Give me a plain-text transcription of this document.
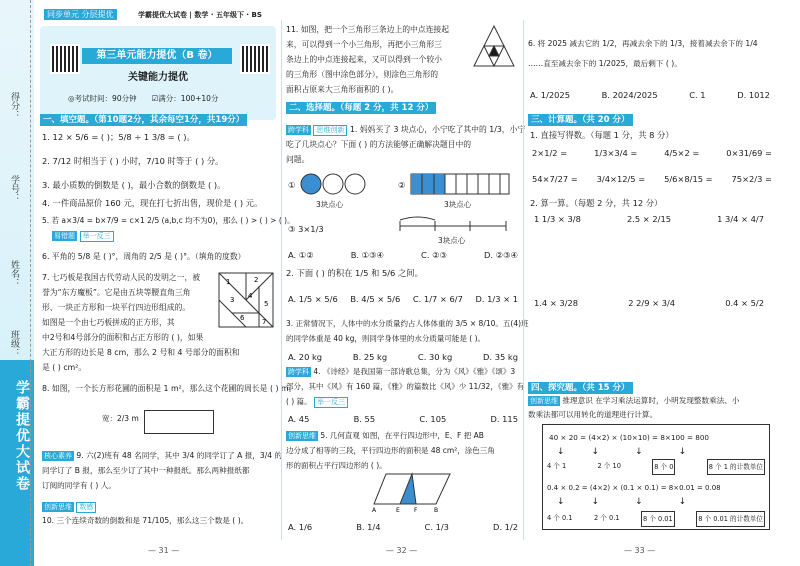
得分：
学号：
姓名：
班级：
学霸提优大试卷
同步单元 分层提优	学霸提优大试卷 | 数学 · 五年级下 · BS
第三单元能力提优（B 卷）
关键能力提优
◎考试时间：90分钟　　☑满分：100+10分
一、填空题。（第10题2分，其余每空1分，共19分）
1. 12 × 5/6 = ( )；5/8 ÷ 1 3/8 = ( )。
2. 7/12 时相当于 ( ) 小时，7/10 时等于 ( ) 分。
3. 最小质数的倒数是 ( )，最小合数的倒数是 ( )。
4. 一件商品原价 160 元，现在打七折出售，现价是 ( ) 元。
5. 若 a×3/4 = b×7/9 = c×1 2/5 (a,b,c 均不为0)，那么 ( ) > ( ) > ( )。
易错题 举一反三
6. 平角的 5/8 是 ( )°，周角的 2/5 是 ( )°。（填角的度数）
7. 七巧板是我国古代劳动人民的发明之一，被
誉为“东方魔板”。它是由五块等腰直角三角
形、一块正方形和一块平行四边形组成的。
如图是一个由七巧板拼成的正方形，其
中2号和4号部分的面积和占正方形的 ( )，如果
大正方形的边长是 8 cm，那么 2 号和 4 号部分的面积和
是 ( ) cm²。
1	2
3 4
5
6	7
8. 如图，一个长方形花圃的面积是 1 m²，那么这个花圃的周长是 ( ) m。
宽：2/3 m
核心素养 9. 六(2)班有 48 名同学，其中 3/4 的同学订了 A 报，3/4 的
同学订了 B 报，那么至少订了其中一种报纸。那么两种报纸都
订阅的同学有 ( ) 人。
创新思维 数感
10. 三个连续奇数的倒数和是 71/105，那么这三个数是 ( )。
— 31 —
11. 如图，把一个三角形三条边上的中点连接起
来，可以得到一个小三角形，再把小三角形三
条边上的中点连接起来，又可以得到一个较小
的三角形（图中涂色部分），则涂色三角形的
面积占原来大三角形面积的 ( )。
二、选择题。（每题 2 分，共 12 分）
跨学科 思维创新 1. 妈妈买了 3 块点心，小宁吃了其中的 1/3，小宁
吃了几块点心？下面 ( ) 的方法能够正确解决题目中的
问题。
①
3块点心
②
3块点心
③ 3×1/3
3块点心
A. ①②	B. ①③④	C. ②③	D. ②③④
2. 下面 ( ) 的积在 1/5 和 5/6 之间。
A. 1/5 × 5/6 B. 4/5 × 5/6 C. 1/7 × 6/7 D. 1/3 × 1
3. 正常情况下，人体中的水分质量约占人体体重的 3/5 × 8/10。五(4)班
的同学体重是 40 kg，则同学身体里的水分质量可能是 ( )。
A. 20 kg	B. 25 kg	C. 30 kg	D. 35 kg
跨学科 4. 《诗经》是我国第一部诗歌总集，分为《风》《雅》《颂》3
部分，其中《风》有 160 篇，《雅》的篇数比《风》少 11/32，《雅》有
( ) 篇。 举一反三
A. 45	B. 55	C. 105	D. 115
创新思维 5. 几何直观 如图，在平行四边形中，E、F 把 AB
边分成了相等的三段，平行四边形的面积是 48 cm²，涂色三角
形的面积占平行四边形的 ( )。
A	E F	B
A. 1/6	B. 1/4	C. 1/3	D. 1/2
— 32 —
6. 将 2025 减去它的 1/2，再减去余下的 1/3，接着减去余下的 1/4
……直至减去余下的 1/2025，最后剩下 ( )。
A. 1/2025	B. 2024/2025	C. 1	D. 1012
三、计算题。（共 20 分）
1. 直接写得数。（每题 1 分，共 8 分）
2×1/2 =	1/3×3/4 =	4/5×2 =	0×31/69 =
54×7/27 = 3/4×12/5 = 5/6×8/15 = 75×2/3 =
2. 算一算。（每题 2 分，共 12 分）
1 1/3 × 3/8	2.5 × 2/15	1 3/4 × 4/7
1.4 × 3/28	2 2/9 × 3/4	0.4 × 5/2
四、探究题。（共 15 分）
创新思维 推理意识 在学习乘法运算时，小明发现整数乘法、小
数乘法都可以用转化的道理进行计算。
40 × 20 = (4×2) × (10×10) = 8×100 = 800
↓　　　↓　　　　↓　　　　↓
4 个 1	2 个 10	8 个 0	8 个 1 的计数单位
0.4 × 0.2 = (4×2) × (0.1 × 0.1) = 8×0.01 = 0.08
↓　　　↓　　　　↓　　　　↓
4 个 0.1	2 个 0.1	8 个 0.01	8 个 0.01 的计数单位
— 33 —
